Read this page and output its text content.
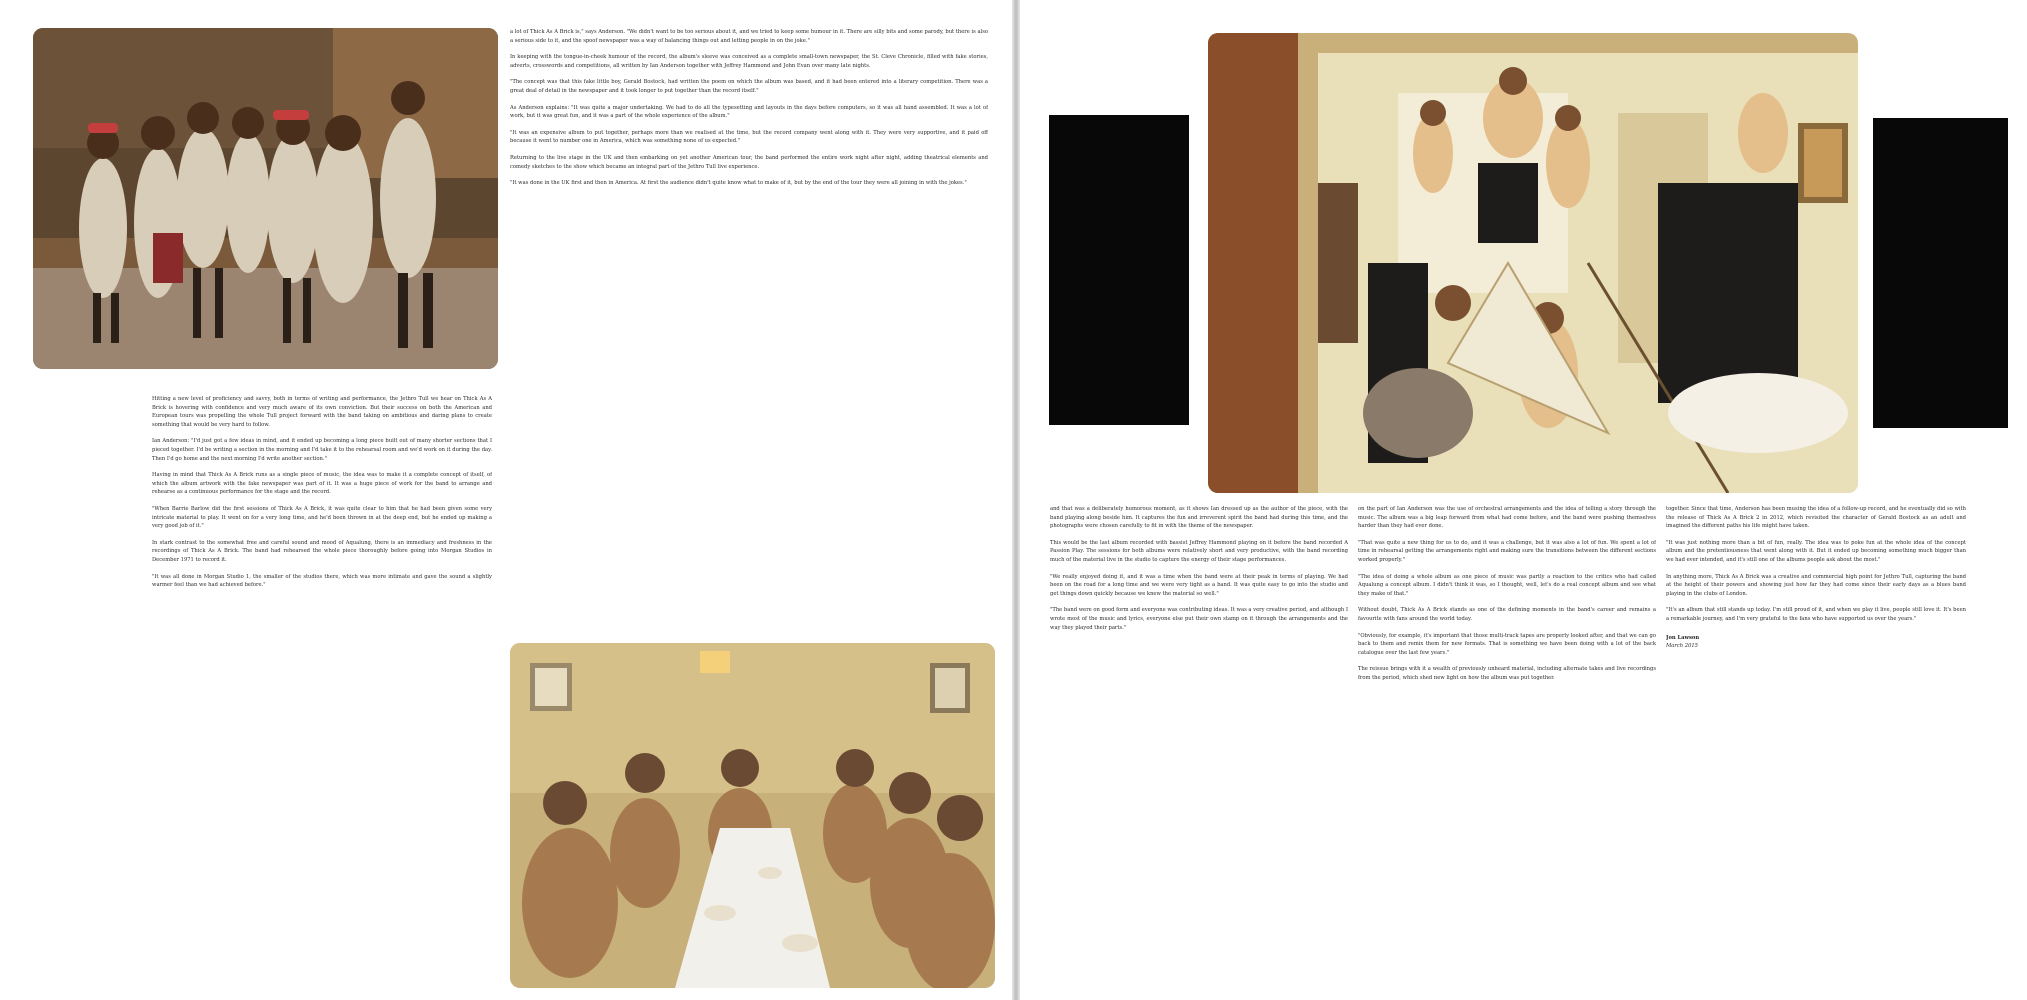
Hitting a new level of proficiency and savvy, both in terms of writing and performance, the Jethro Tull we hear on Thick As A Brick is hovering with confidence and very much aware of its own conviction. But their success on both the American and European tours was propelling the whole Tull project forward with the band taking on ambitious and daring plans to create something that would be very hard to follow.

Ian Anderson: "I'd just got a few ideas in mind, and it ended up becoming a long piece built out of many shorter sections that I pieced together. I'd be writing a section in the morning and I'd take it to the rehearsal room and we'd work on it during the day. Then I'd go home and the next morning I'd write another section."

Having in mind that Thick As A Brick runs as a single piece of music, the idea was to make it a complete concept of itself, of which the album artwork with the fake newspaper was part of it. It was a huge piece of work for the band to arrange and rehearse as a continuous performance for the stage and the record.

"When Barrie Barlow did the first sessions of Thick As A Brick, it was quite clear to him that he had been given some very intricate material to play. It went on for a very long time, and he'd been thrown in at the deep end, but he ended up making a very good job of it."

In stark contrast to the somewhat free and careful sound and mood of Aqualung, there is an immediacy and freshness in the recordings of Thick As A Brick. The band had rehearsed the whole piece thoroughly before going into Morgan Studios in December 1971 to record it.

"It was all done in Morgan Studio 1, the smaller of the studios there, which was more intimate and gave the sound a slightly warmer feel than we had achieved before."

a lot of Thick As A Brick is," says Anderson. "We didn't want to be too serious about it, and we tried to keep some humour in it. There are silly bits and some parody, but there is also a serious side to it, and the spoof newspaper was a way of balancing things out and letting people in on the joke."

In keeping with the tongue-in-cheek humour of the record, the album's sleeve was conceived as a complete small-town newspaper, the St. Cleve Chronicle, filled with fake stories, adverts, crosswords and competitions, all written by Ian Anderson together with Jeffrey Hammond and John Evan over many late nights.

"The concept was that this fake little boy, Gerald Bostock, had written the poem on which the album was based, and it had been entered into a literary competition. There was a great deal of detail in the newspaper and it took longer to put together than the record itself."

As Anderson explains: "It was quite a major undertaking. We had to do all the typesetting and layouts in the days before computers, so it was all hand assembled. It was a lot of work, but it was great fun, and it was a part of the whole experience of the album."

"It was an expensive album to put together, perhaps more than we realised at the time, but the record company went along with it. They were very supportive, and it paid off because it went to number one in America, which was something none of us expected."

Returning to the live stage in the UK and then embarking on yet another American tour, the band performed the entire work night after night, adding theatrical elements and comedy sketches to the show which became an integral part of the Jethro Tull live experience.

"It was done in the UK first and then in America. At first the audience didn't quite know what to make of it, but by the end of the tour they were all joining in with the jokes."

and that was a deliberately humorous moment, as it shows Ian dressed up as the author of the piece, with the band playing along beside him. It captures the fun and irreverent spirit the band had during this time, and the photographs were chosen carefully to fit in with the theme of the newspaper.

This would be the last album recorded with bassist Jeffrey Hammond playing on it before the band recorded A Passion Play. The sessions for both albums were relatively short and very productive, with the band recording much of the material live in the studio to capture the energy of their stage performances.

"We really enjoyed doing it, and it was a time when the band were at their peak in terms of playing. We had been on the road for a long time and we were very tight as a band. It was quite easy to go into the studio and get things down quickly because we knew the material so well."

"The band were on good form and everyone was contributing ideas. It was a very creative period, and although I wrote most of the music and lyrics, everyone else put their own stamp on it through the arrangements and the way they played their parts."

on the part of Ian Anderson was the use of orchestral arrangements and the idea of telling a story through the music. The album was a big leap forward from what had come before, and the band were pushing themselves harder than they had ever done.

"That was quite a new thing for us to do, and it was a challenge, but it was also a lot of fun. We spent a lot of time in rehearsal getting the arrangements right and making sure the transitions between the different sections worked properly."

"The idea of doing a whole album as one piece of music was partly a reaction to the critics who had called Aqualung a concept album. I didn't think it was, so I thought, well, let's do a real concept album and see what they make of that."

Without doubt, Thick As A Brick stands as one of the defining moments in the band's career and remains a favourite with fans around the world today.

"Obviously, for example, it's important that those multi-track tapes are properly looked after, and that we can go back to them and remix them for new formats. That is something we have been doing with a lot of the back catalogue over the last few years."

The reissue brings with it a wealth of previously unheard material, including alternate takes and live recordings from the period, which shed new light on how the album was put together.

together. Since that time, Anderson has been musing the idea of a follow-up record, and he eventually did so with the release of Thick As A Brick 2 in 2012, which revisited the character of Gerald Bostock as an adult and imagined the different paths his life might have taken.

"It was just nothing more than a bit of fun, really. The idea was to poke fun at the whole idea of the concept album and the pretentiousness that went along with it. But it ended up becoming something much bigger than we had ever intended, and it's still one of the albums people ask about the most."

In anything more, Thick As A Brick was a creative and commercial high point for Jethro Tull, capturing the band at the height of their powers and showing just how far they had come since their early days as a blues band playing in the clubs of London.

"It's an album that still stands up today. I'm still proud of it, and when we play it live, people still love it. It's been a remarkable journey, and I'm very grateful to the fans who have supported us over the years."

Jon Lawson
March 2015
